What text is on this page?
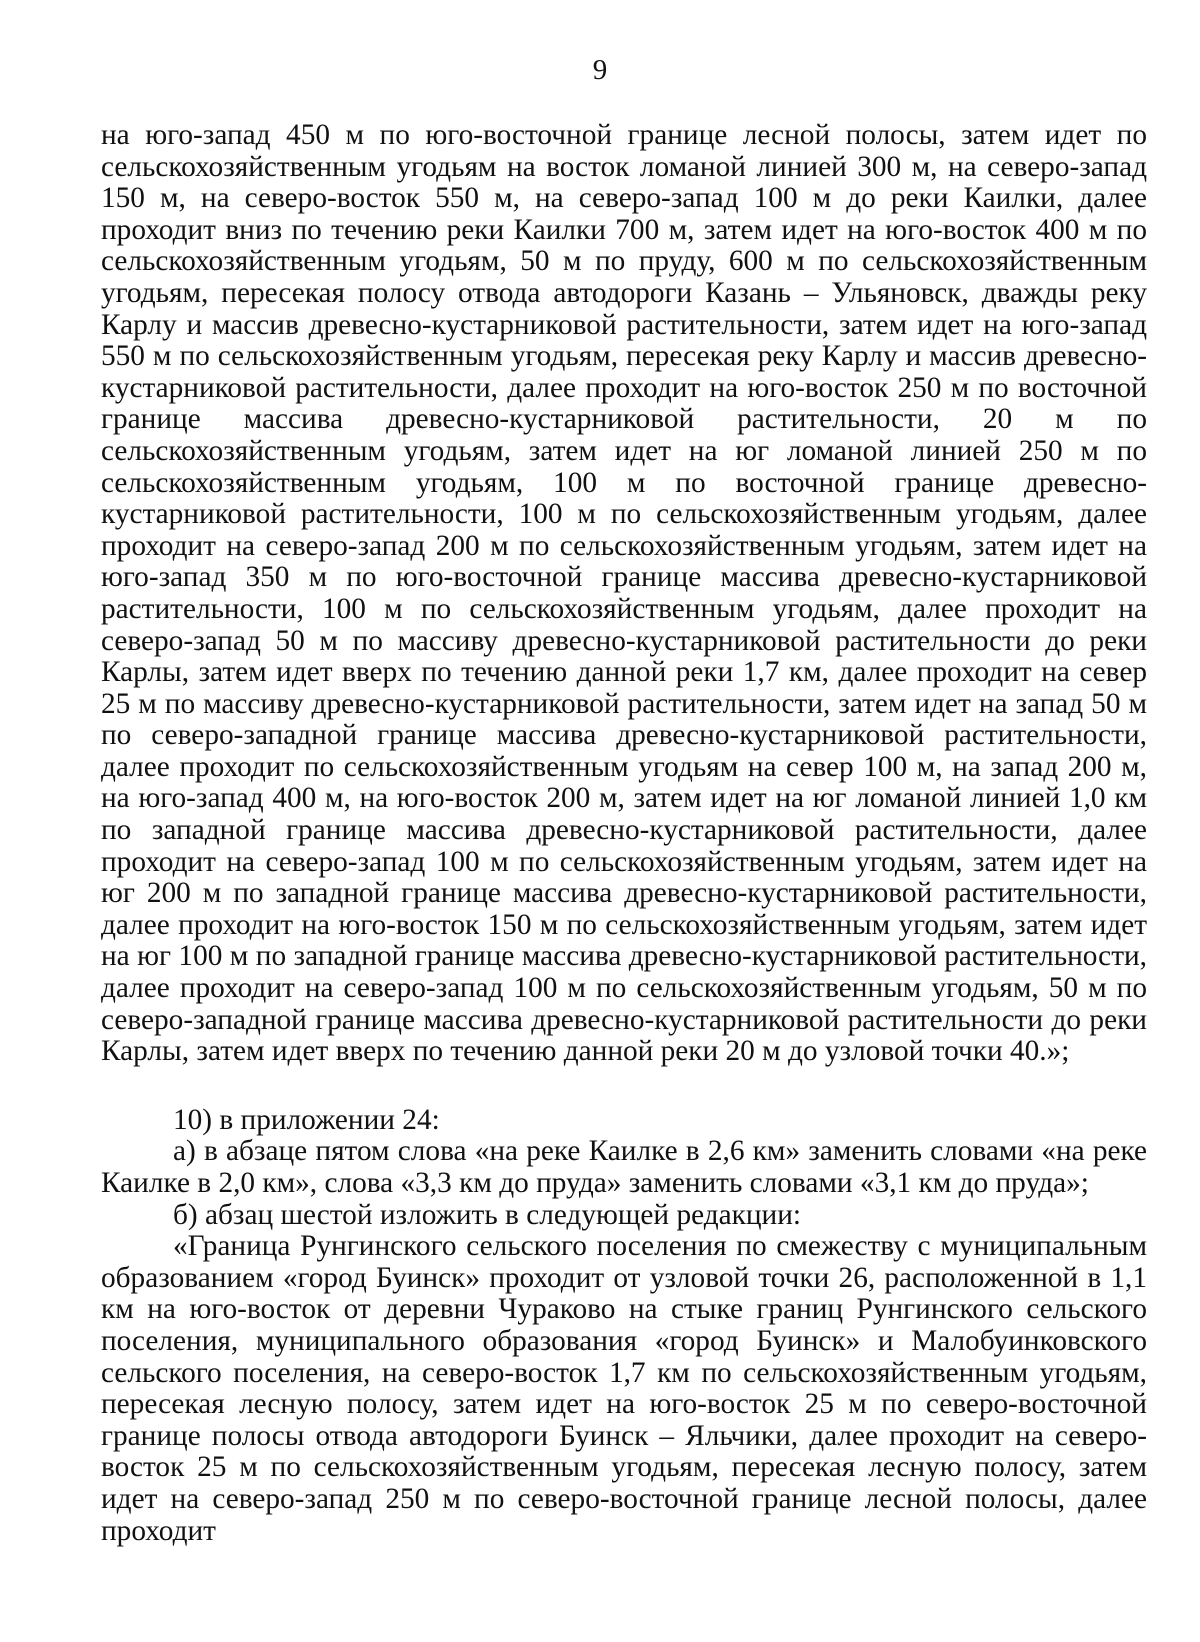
9

на юго-запад 450 м по юго-восточной границе лесной полосы, затем идет по сельскохозяйственным угодьям на восток ломаной линией 300 м, на северо-запад 150 м, на северо-восток 550 м, на северо-запад 100 м до реки Каилки, далее проходит вниз по течению реки Каилки 700 м, затем идет на юго-восток 400 м по сельскохозяйственным угодьям, 50 м по пруду, 600 м по сельскохозяйственным угодьям, пересекая полосу отвода автодороги Казань – Ульяновск, дважды реку Карлу и массив древесно-кустарниковой растительности, затем идет на юго-запад 550 м по сельскохозяйственным угодьям, пересекая реку Карлу и массив древесно-кустарниковой растительности, далее проходит на юго-восток 250 м по восточной границе массива древесно-кустарниковой растительности, 20 м по сельскохозяйственным угодьям, затем идет на юг ломаной линией 250 м по сельскохозяйственным угодьям, 100 м по восточной границе древесно-кустарниковой растительности, 100 м по сельскохозяйственным угодьям, далее проходит на северо-запад 200 м по сельскохозяйственным угодьям, затем идет на юго-запад 350 м по юго-восточной границе массива древесно-кустарниковой растительности, 100 м по сельскохозяйственным угодьям, далее проходит на северо-запад 50 м по массиву древесно-кустарниковой растительности до реки Карлы, затем идет вверх по течению данной реки 1,7 км, далее проходит на север 25 м по массиву древесно-кустарниковой растительности, затем идет на запад 50 м по северо-западной границе массива древесно-кустарниковой растительности, далее проходит по сельскохозяйственным угодьям на север 100 м, на запад 200 м, на юго-запад 400 м, на юго-восток 200 м, затем идет на юг ломаной линией 1,0 км по западной границе массива древесно-кустарниковой растительности, далее проходит на северо-запад 100 м по сельскохозяйственным угодьям, затем идет на юг 200 м по западной границе массива древесно-кустарниковой растительности, далее проходит на юго-восток 150 м по сельскохозяйственным угодьям, затем идет на юг 100 м по западной границе массива древесно-кустарниковой растительности, далее проходит на северо-запад 100 м по сельскохозяйственным угодьям, 50 м по северо-западной границе массива древесно-кустарниковой растительности до реки Карлы, затем идет вверх по течению данной реки 20 м до узловой точки 40.»;

10) в приложении 24:

а) в абзаце пятом слова «на реке Каилке в 2,6 км» заменить словами «на реке Каилке в 2,0 км», слова «3,3 км до пруда» заменить словами «3,1 км до пруда»;

б) абзац шестой изложить в следующей редакции:

«Граница Рунгинского сельского поселения по смежеству с муниципальным образованием «город Буинск» проходит от узловой точки 26, расположенной в 1,1 км на юго-восток от деревни Чураково на стыке границ Рунгинского сельского поселения, муниципального образования «город Буинск» и Малобуинковского сельского поселения, на северо-восток 1,7 км по сельскохозяйственным угодьям, пересекая лесную полосу, затем идет на юго-восток 25 м по северо-восточной границе полосы отвода автодороги Буинск – Яльчики, далее проходит на северо-восток 25 м по сельскохозяйственным угодьям, пересекая лесную полосу, затем идет на северо-запад 250 м по северо-восточной границе лесной полосы, далее проходит
